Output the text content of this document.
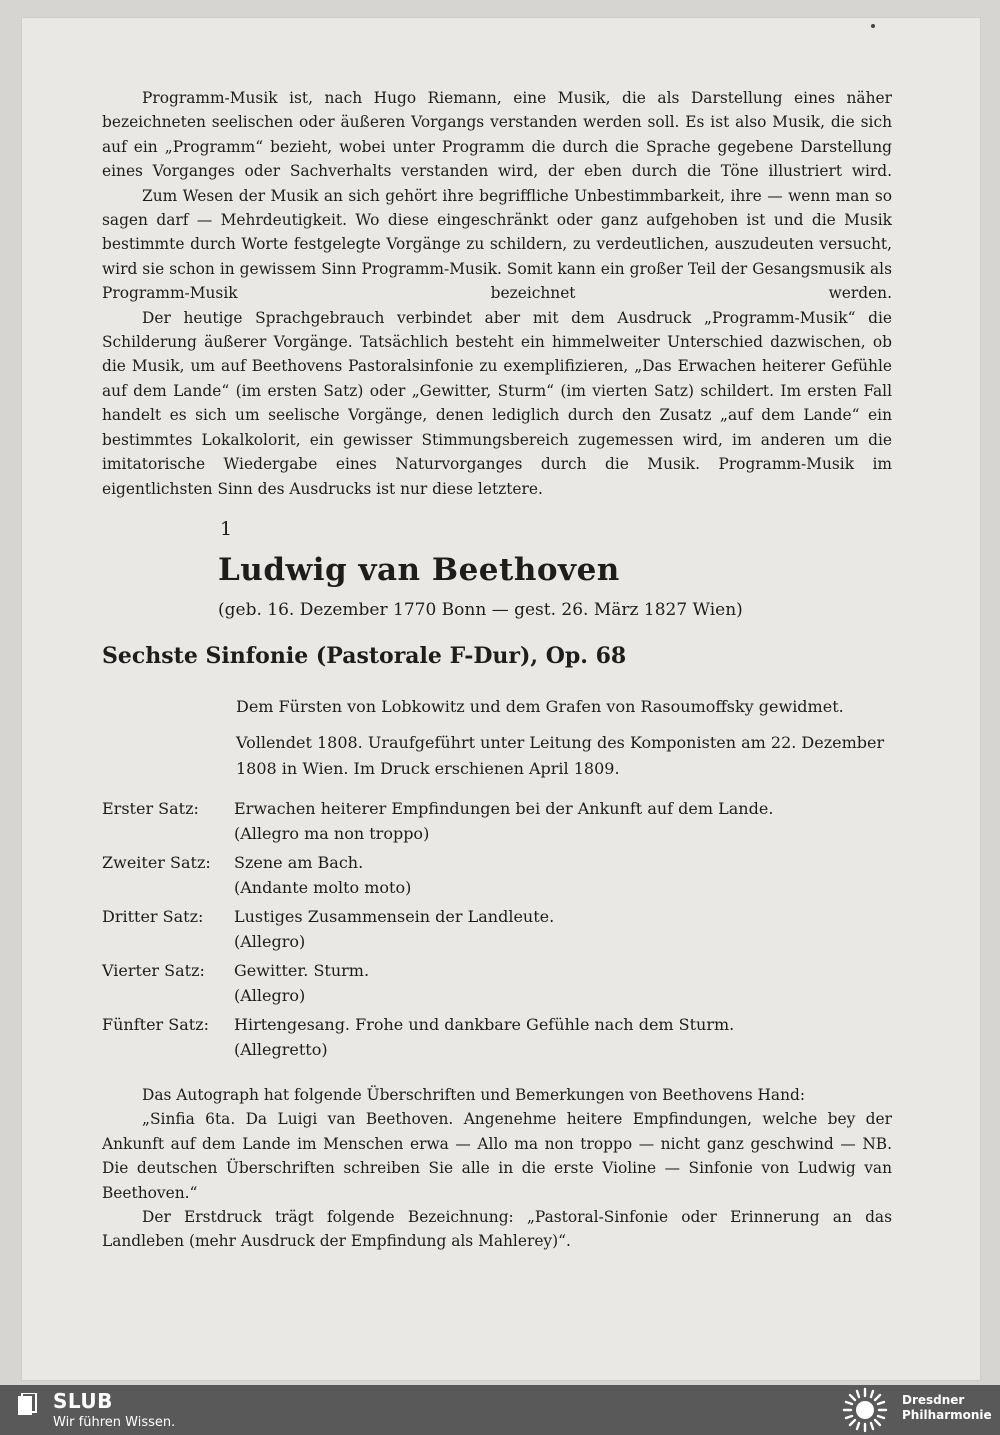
Programm-Musik ist, nach Hugo Riemann, eine Musik, die als Darstellung eines näher bezeichneten seelischen oder äußeren Vorgangs verstanden werden soll. Es ist also Musik, die sich auf ein „Programm“ bezieht, wobei unter Programm die durch die Sprache gegebene Darstellung eines Vorganges oder Sachverhalts verstanden wird, der eben durch die Töne illustriert wird.

Zum Wesen der Musik an sich gehört ihre begriffliche Unbestimmbarkeit, ihre — wenn man so sagen darf — Mehrdeutigkeit. Wo diese eingeschränkt oder ganz aufgehoben ist und die Musik bestimmte durch Worte festgelegte Vorgänge zu schildern, zu verdeutlichen, auszudeuten versucht, wird sie schon in gewissem Sinn Programm-Musik. Somit kann ein großer Teil der Gesangsmusik als Programm-Musik bezeichnet werden.

Der heutige Sprachgebrauch verbindet aber mit dem Ausdruck „Programm-Musik“ die Schilderung äußerer Vorgänge. Tatsächlich besteht ein himmelweiter Unterschied dazwischen, ob die Musik, um auf Beethovens Pastoralsinfonie zu exemplifizieren, „Das Erwachen heiterer Gefühle auf dem Lande“ (im ersten Satz) oder „Gewitter, Sturm“ (im vierten Satz) schildert. Im ersten Fall handelt es sich um seelische Vorgänge, denen lediglich durch den Zusatz „auf dem Lande“ ein bestimmtes Lokalkolorit, ein gewisser Stimmungsbereich zugemessen wird, im anderen um die imitatorische Wiedergabe eines Naturvorganges durch die Musik. Programm-Musik im eigentlichsten Sinn des Ausdrucks ist nur diese letztere.

1
Ludwig van Beethoven
(geb. 16. Dezember 1770 Bonn — gest. 26. März 1827 Wien)
Sechste Sinfonie (Pastorale F-Dur), Op. 68
Dem Fürsten von Lobkowitz und dem Grafen von Rasoumoffsky gewidmet.
Vollendet 1808. Uraufgeführt unter Leitung des Komponisten am 22. Dezember 1808 in Wien. Im Druck erschienen April 1809.
Erster Satz: Erwachen heiterer Empfindungen bei der Ankunft auf dem Lande.
(Allegro ma non troppo)
Zweiter Satz: Szene am Bach.
(Andante molto moto)
Dritter Satz: Lustiges Zusammensein der Landleute.
(Allegro)
Vierter Satz: Gewitter. Sturm.
(Allegro)
Fünfter Satz: Hirtengesang. Frohe und dankbare Gefühle nach dem Sturm.
(Allegretto)

Das Autograph hat folgende Überschriften und Bemerkungen von Beethovens Hand:

„Sinfia 6ta. Da Luigi van Beethoven. Angenehme heitere Empfindungen, welche bey der Ankunft auf dem Lande im Menschen erwa — Allo ma non troppo — nicht ganz geschwind — NB. Die deutschen Überschriften schreiben Sie alle in die erste Violine — Sinfonie von Ludwig van Beethoven.“

Der Erstdruck trägt folgende Bezeichnung: „Pastoral-Sinfonie oder Erinnerung an das Landleben (mehr Ausdruck der Empfindung als Mahlerey)“.

SLUB
Wir führen Wissen.
Dresdner
Philharmonie
